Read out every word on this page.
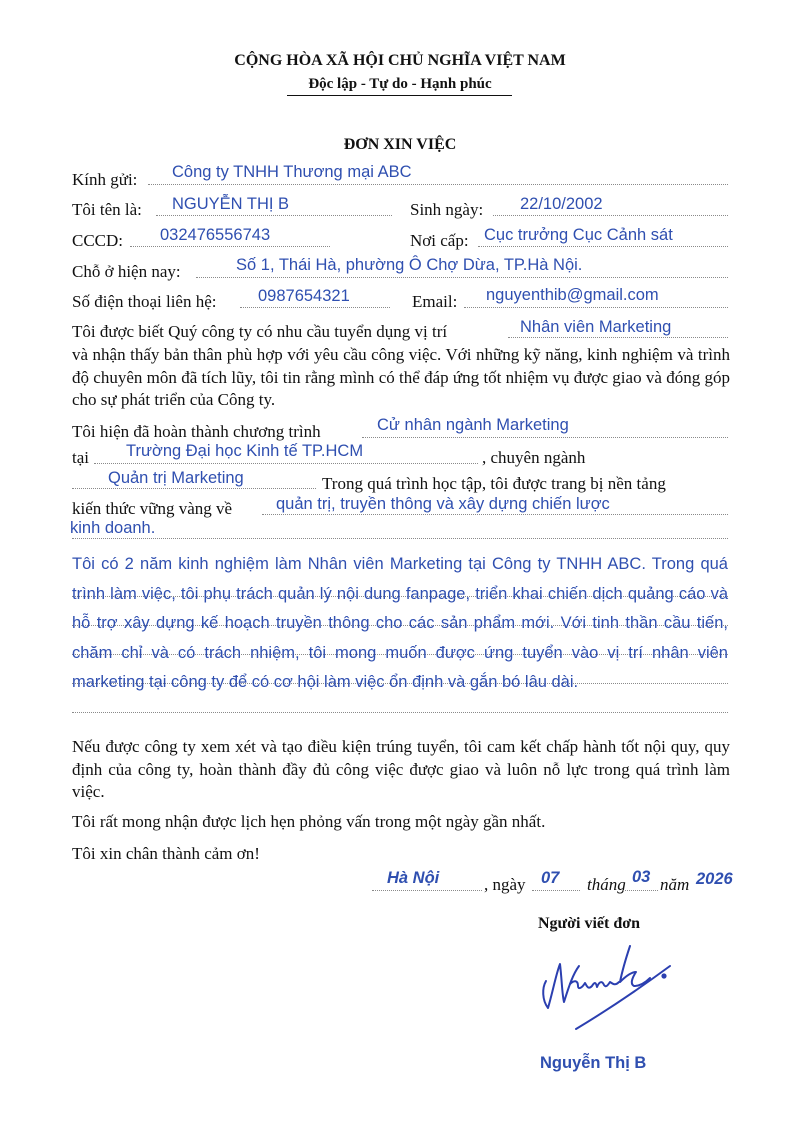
CỘNG HÒA XÃ HỘI CHỦ NGHĨA VIỆT NAM
Độc lập - Tự do - Hạnh phúc
ĐƠN XIN VIỆC
Kính gửi: Công ty TNHH Thương mại ABC
Tôi tên là: NGUYỄN THỊ B	Sinh ngày: 22/10/2002
CCCD: 032476556743	Nơi cấp: Cục trưởng Cục Cảnh sát
Chỗ ở hiện nay:	Số 1, Thái Hà, phường Ô Chợ Dừa, TP.Hà Nội.
Số điện thoại liên hệ:	0987654321	Email: nguyenthib@gmail.com
Tôi được biết Quý công ty có nhu cầu tuyển dụng vị trí	Nhân viên Marketing
và nhận thấy bản thân phù hợp với yêu cầu công việc. Với những kỹ năng, kinh nghiệm và trình độ chuyên môn đã tích lũy, tôi tin rằng mình có thể đáp ứng tốt nhiệm vụ được giao và đóng góp cho sự phát triển của Công ty.
Tôi hiện đã hoàn thành chương trình	Cử nhân ngành Marketing
tại Trường Đại học Kinh tế TP.HCM	, chuyên ngành
Quản trị Marketing	Trong quá trình học tập, tôi được trang bị nền tảng
kiến thức vững vàng về	quản trị, truyền thông và xây dựng chiến lược
kinh doanh.
Tôi có 2 năm kinh nghiệm làm Nhân viên Marketing tại Công ty TNHH ABC. Trong quá trình làm việc, tôi phụ trách quản lý nội dung fanpage, triển khai chiến dịch quảng cáo và hỗ trợ xây dựng kế hoạch truyền thông cho các sản phẩm mới. Với tinh thần cầu tiến, chăm chỉ và có trách nhiệm, tôi mong muốn được ứng tuyển vào vị trí nhân viên marketing tại công ty để có cơ hội làm việc ổn định và gắn bó lâu dài.
Nếu được công ty xem xét và tạo điều kiện trúng tuyển, tôi cam kết chấp hành tốt nội quy, quy định của công ty, hoàn thành đầy đủ công việc được giao và luôn nỗ lực trong quá trình làm việc.
Tôi rất mong nhận được lịch hẹn phỏng vấn trong một ngày gần nhất.
Tôi xin chân thành cảm ơn!
Hà Nội	, ngày 07 tháng 03 năm 2026
Người viết đơn
Nguyễn Thị B
